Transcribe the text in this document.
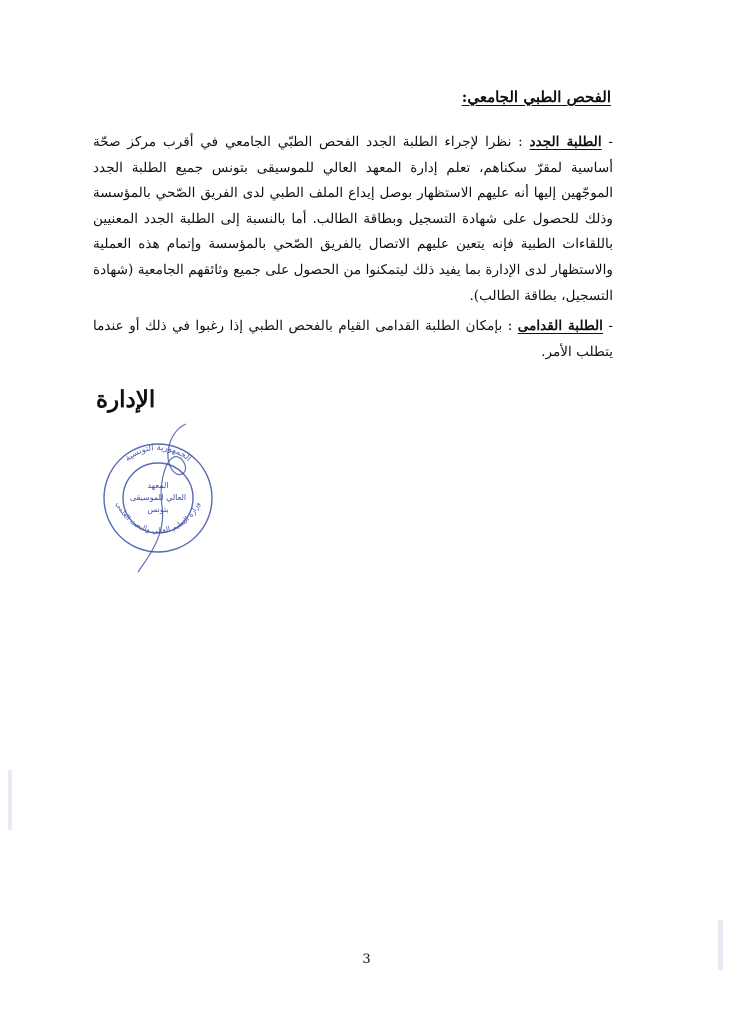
الفحص الطبي الجامعي:
- الطلبة الجدد : نظرا لإجراء الطلبة الجدد الفحص الطبّي الجامعي في أقرب مركز صحّة أساسية لمقرّ سكناهم، تعلم إدارة المعهد العالي للموسيقى بتونس جميع الطلبة الجدد الموجّهين إليها أنه عليهم الاستظهار بوصل إيداع الملف الطبي لدى الفريق الصّحي بالمؤسسة وذلك للحصول على شهادة التسجيل وبطاقة الطالب. أما بالنسبة إلى الطلبة الجدد المعنيين باللقاءات الطبية فإنه يتعين عليهم الاتصال بالفريق الصّحي بالمؤسسة وإتمام هذه العملية والاستظهار لدى الإدارة بما يفيد ذلك ليتمكنوا من الحصول على جميع وثائقهم الجامعية (شهادة التسجيل، بطاقة الطالب).
- الطلبة القدامى : بإمكان الطلبة القدامى القيام بالفحص الطبي إذا رغبوا في ذلك أو عندما يتطلب الأمر.
الإدارة
الجمهورية التونسية
وزارة التعليم العالي والبحث العلمي
المعهد
العالي للموسيقى
بتونس
3
